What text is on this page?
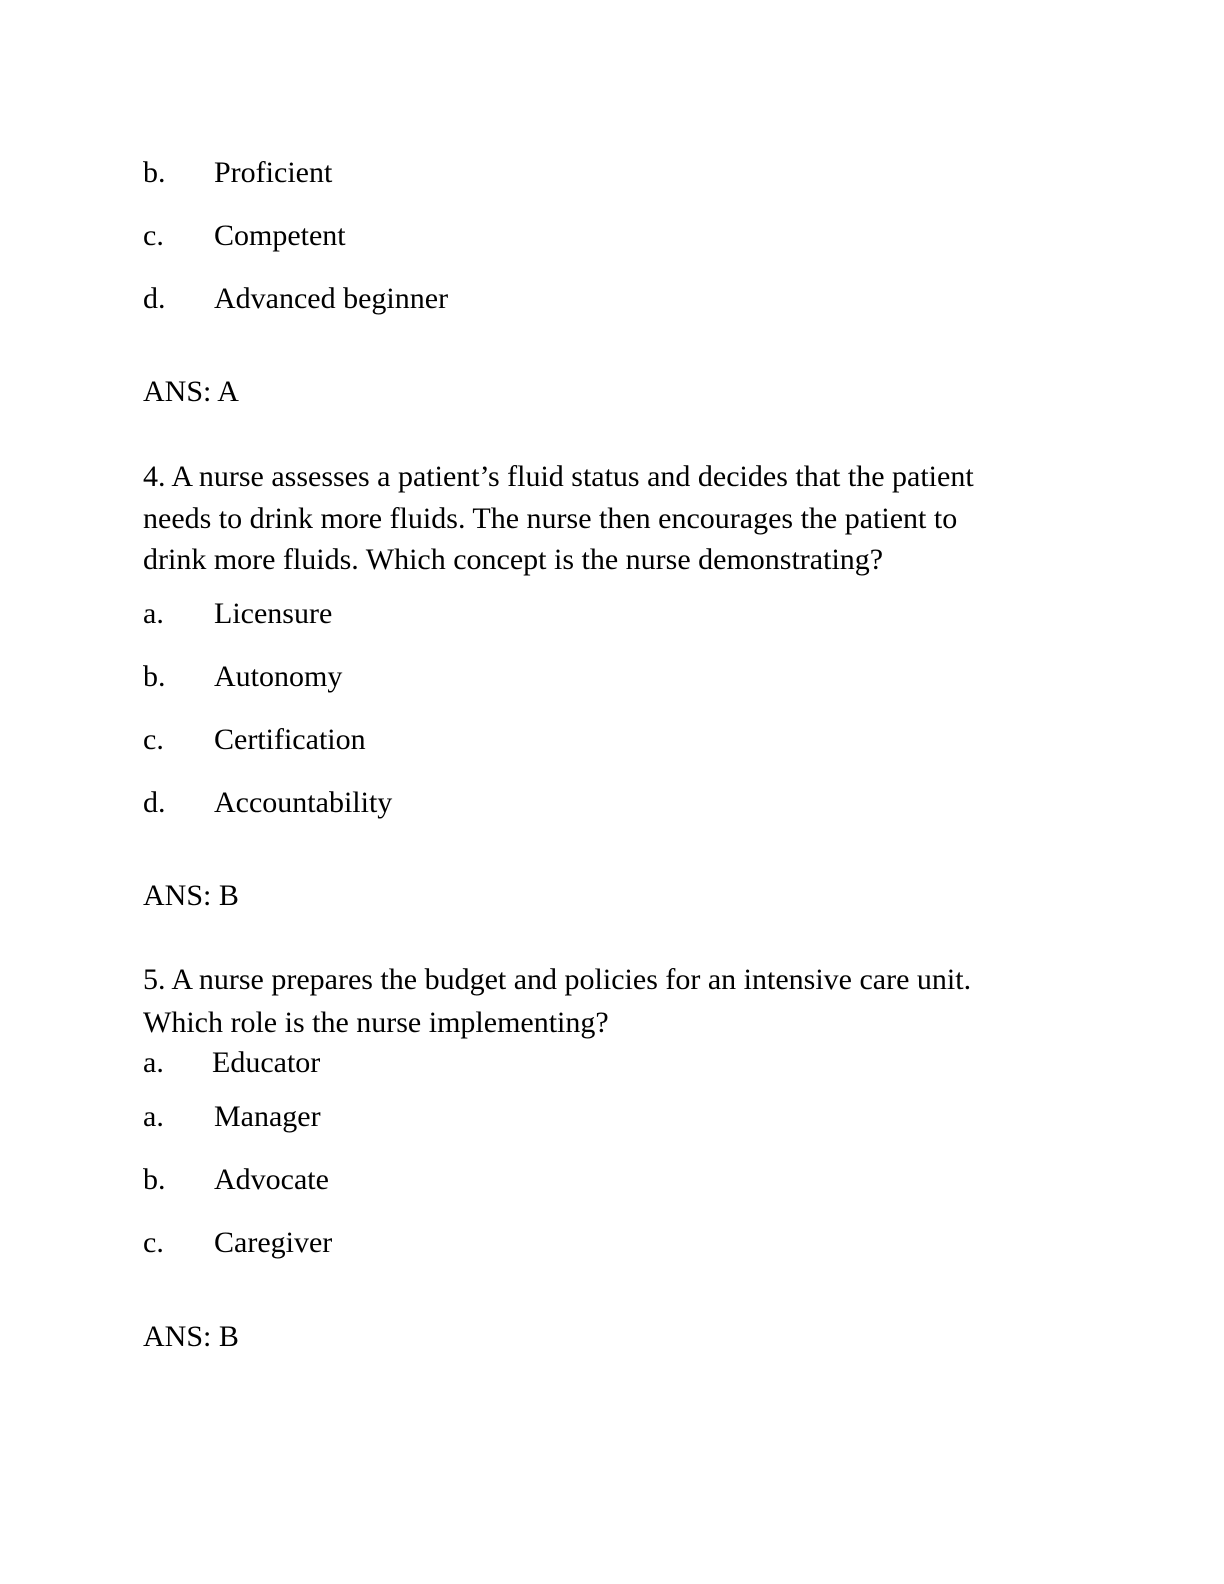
b. Proficient
c. Competent
d. Advanced beginner
ANS: A
4. A nurse assesses a patient’s fluid status and decides that the patient
needs to drink more fluids. The nurse then encourages the patient to
drink more fluids. Which concept is the nurse demonstrating?
a. Licensure
b. Autonomy
c. Certification
d. Accountability
ANS: B
5. A nurse prepares the budget and policies for an intensive care unit.
Which role is the nurse implementing?
a. Educator
a. Manager
b. Advocate
c. Caregiver
ANS: B
